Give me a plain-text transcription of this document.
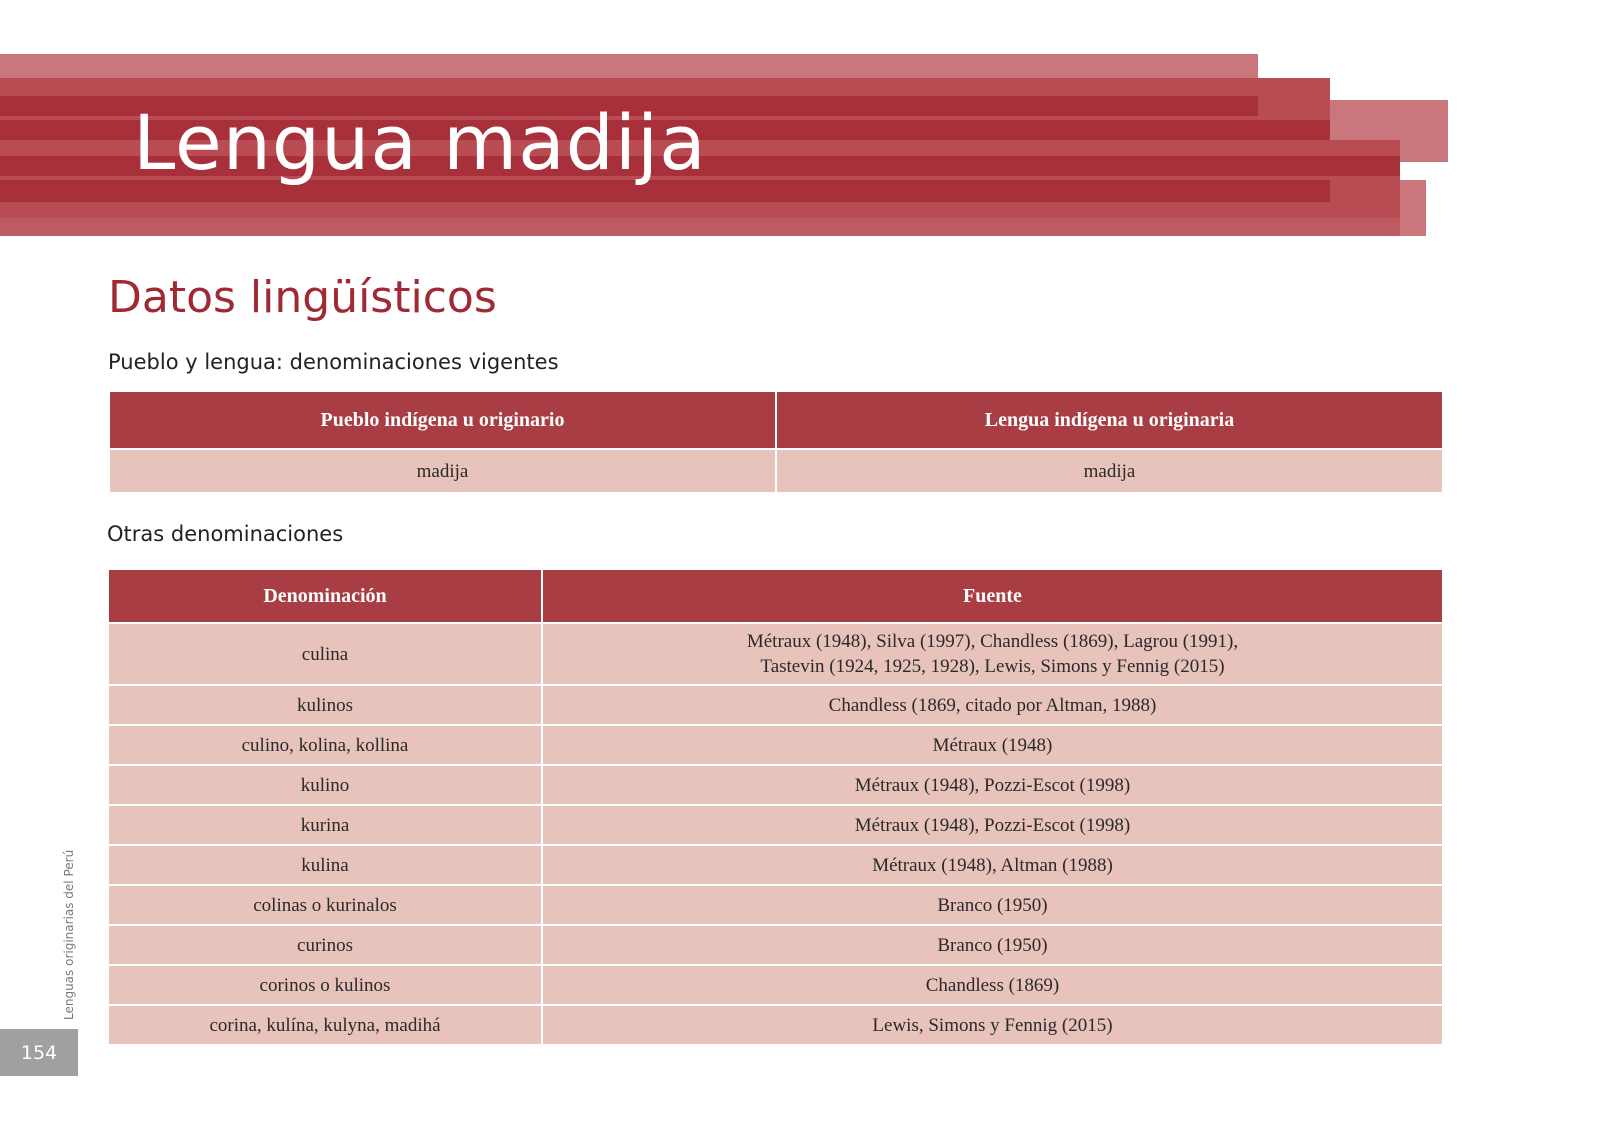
Lengua madija
Datos lingüísticos
Pueblo y lengua: denominaciones vigentes
Pueblo indígena u originario	Lengua indígena u originaria
madija	madija
Otras denominaciones
Denominación	Fuente
culina	Métraux (1948), Silva (1997), Chandless (1869), Lagrou (1991),
Tastevin (1924, 1925, 1928), Lewis, Simons y Fennig (2015)

kulinos	Chandless (1869, citado por Altman, 1988)
culino, kolina, kollina	Métraux (1948)
kulino	Métraux (1948), Pozzi-Escot (1998)
kurina	Métraux (1948), Pozzi-Escot (1998)
kulina	Métraux (1948), Altman (1988)
colinas o kurinalos	Branco (1950)
curinos	Branco (1950)
corinos o kulinos	Chandless (1869)
corina, kulína, kulyna, madihá	Lewis, Simons y Fennig (2015)
Lenguas originarias del Perú
154
